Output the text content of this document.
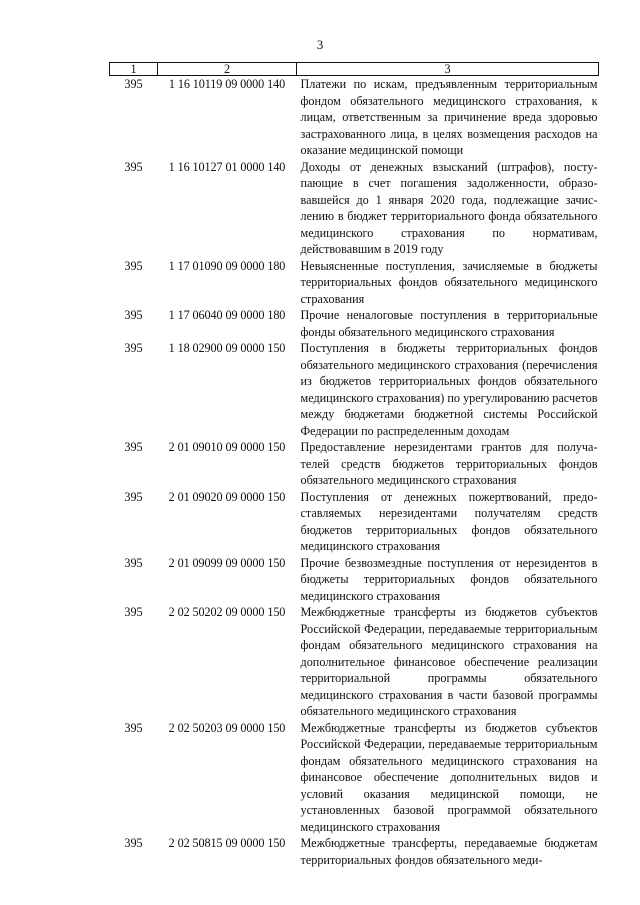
3
1	2	3
395	1 16 10119 09 0000 140	Платежи по искам, предъявленным территориальным фондом обязательного медицинского страхования, к лицам, ответственным за причинение вреда здоровью застрахованного лица, в целях возмещения расходов на оказание медицинской помощи
395	1 16 10127 01 0000 140	Доходы от денежных взысканий (штрафов), поступающие в счет погашения задолженности, образовавшейся до 1 января 2020 года, подлежащие зачислению в бюджет территориального фонда обязательного медицинского страхования по нормативам, действовавшим в 2019 году
395	1 17 01090 09 0000 180	Невыясненные поступления, зачисляемые в бюджеты территориальных фондов обязательного медицинского страхования
395	1 17 06040 09 0000 180	Прочие неналоговые поступления в территориальные фонды обязательного медицинского страхования
395	1 18 02900 09 0000 150	Поступления в бюджеты территориальных фондов обязательного медицинского страхования (перечисления из бюджетов территориальных фондов обязательного медицинского страхования) по урегулированию расчетов между бюджетами бюджетной системы Российской Федерации по распределенным доходам
395	2 01 09010 09 0000 150	Предоставление нерезидентами грантов для получателей средств бюджетов территориальных фондов обязательного медицинского страхования
395	2 01 09020 09 0000 150	Поступления от денежных пожертвований, предоставляемых нерезидентами получателям средств бюджетов территориальных фондов обязательного медицинского страхования
395	2 01 09099 09 0000 150	Прочие безвозмездные поступления от нерезидентов в бюджеты территориальных фондов обязательного медицинского страхования
395	2 02 50202 09 0000 150	Межбюджетные трансферты из бюджетов субъектов Российской Федерации, передаваемые территориальным фондам обязательного медицинского страхования на дополнительное финансовое обеспечение реализации территориальной программы обязательного медицинского страхования в части базовой программы обязательного медицинского страхования
395	2 02 50203 09 0000 150	Межбюджетные трансферты из бюджетов субъектов Российской Федерации, передаваемые территориальным фондам обязательного медицинского страхования на финансовое обеспечение дополнительных видов и условий оказания медицинской помощи, не установленных базовой программой обязательного медицинского страхования
395	2 02 50815 09 0000 150	Межбюджетные трансферты, передаваемые бюджетам территориальных фондов обязательного меди-
